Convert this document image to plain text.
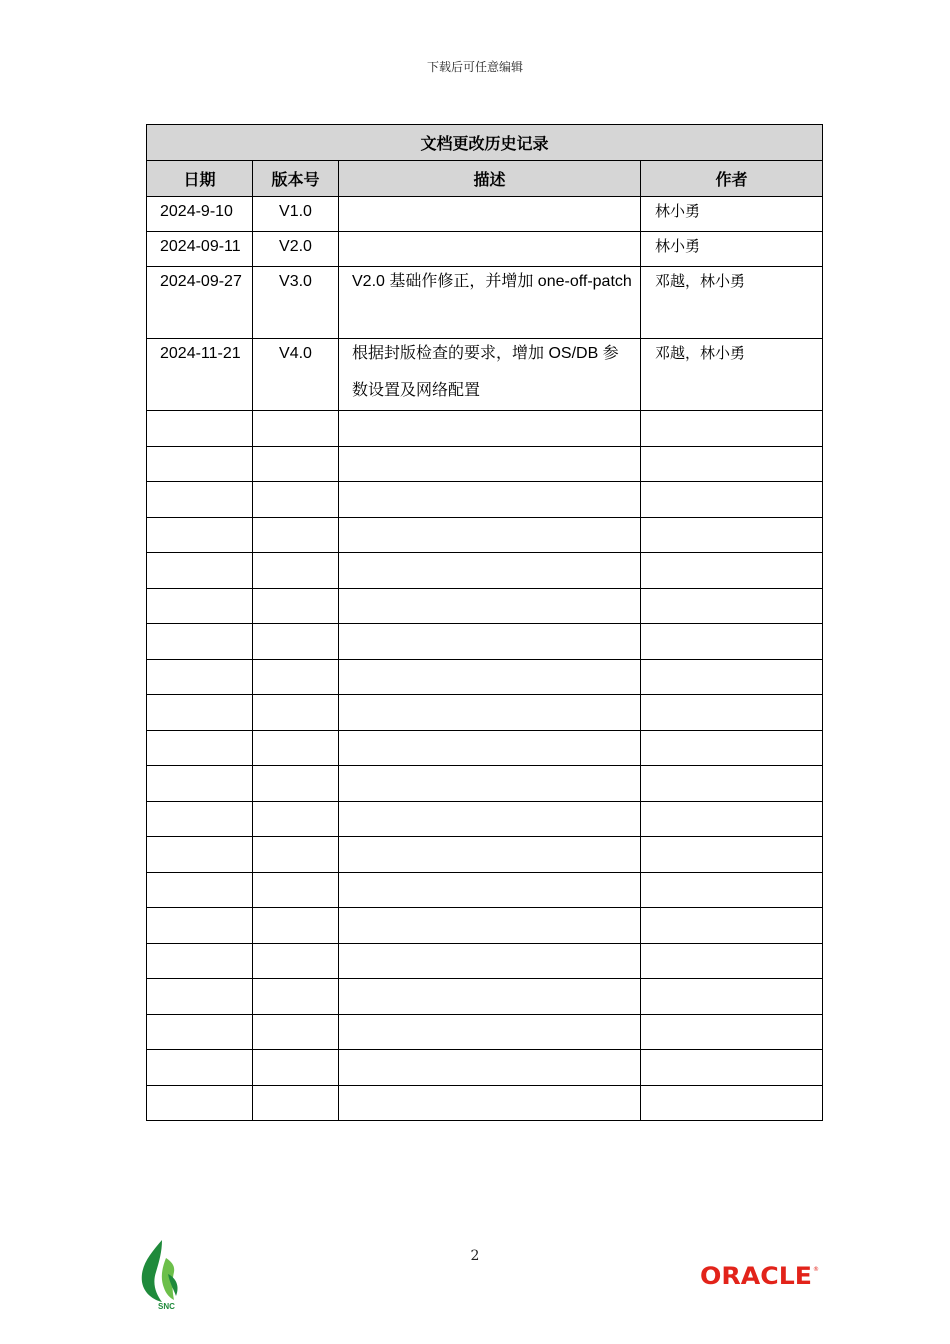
下载后可任意编辑
文档更改历史记录			
日期	版本号	描述	作者

2024-9-10	V1.0		林小勇

2024-09-11	V2.0		林小勇

2024-09-27	V3.0	V2.0 基础作修正，并增加 one-off-patch	邓越，林小勇

2024-11-21	V4.0	根据封版检查的要求，增加 OS/DB 参数设置及网络配置	邓越，林小勇

2
SNC
ORACLE ®
